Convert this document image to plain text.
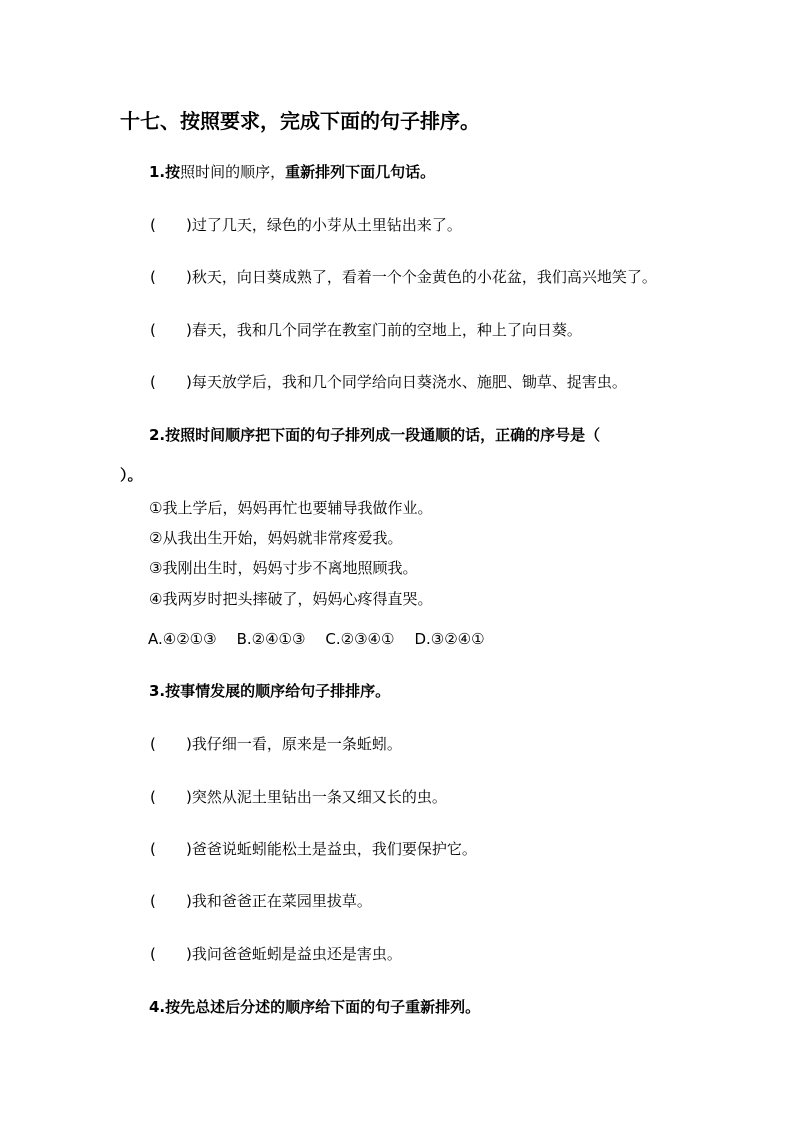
十七、按照要求，完成下面的句子排序。
1.按照时间的顺序，重新排列下面几句话。
( )过了几天，绿色的小芽从土里钻出来了。
( )秋天，向日葵成熟了，看着一个个金黄色的小花盆，我们高兴地笑了。
( )春天，我和几个同学在教室门前的空地上，种上了向日葵。
( )每天放学后，我和几个同学给向日葵浇水、施肥、锄草、捉害虫。
2.按照时间顺序把下面的句子排列成一段通顺的话，正确的序号是（
）。
①我上学后，妈妈再忙也要辅导我做作业。
②从我出生开始，妈妈就非常疼爱我。
③我刚出生时，妈妈寸步不离地照顾我。
④我两岁时把头摔破了，妈妈心疼得直哭。
A.④②①③ B.②④①③ C.②③④① D.③②④①
3.按事情发展的顺序给句子排排序。
( )我仔细一看，原来是一条蚯蚓。
( )突然从泥土里钻出一条又细又长的虫。
( )爸爸说蚯蚓能松土是益虫，我们要保护它。
( )我和爸爸正在菜园里拔草。
( )我问爸爸蚯蚓是益虫还是害虫。
4.按先总述后分述的顺序给下面的句子重新排列。
